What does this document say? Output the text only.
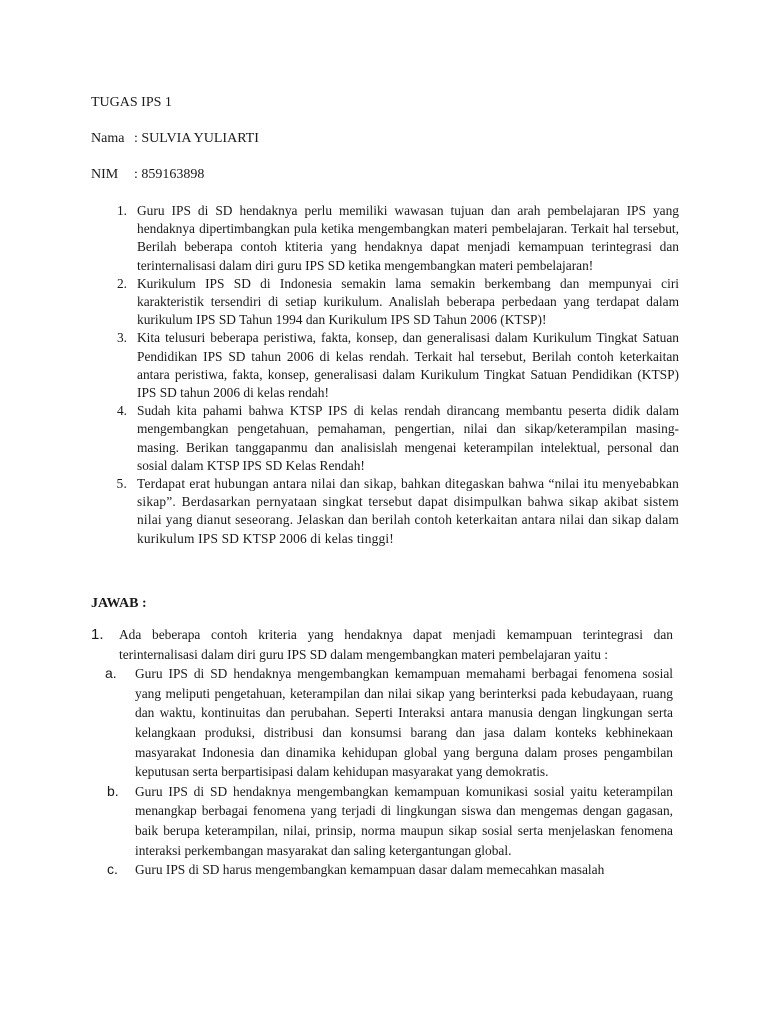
TUGAS IPS 1
Nama : SULVIA YULIARTI
NIM	: 859163898
1. Guru IPS di SD hendaknya perlu memiliki wawasan tujuan dan arah pembelajaran IPS yang hendaknya dipertimbangkan pula ketika mengembangkan materi pembelajaran. Terkait hal tersebut, Berilah beberapa contoh ktiteria yang hendaknya dapat menjadi kemampuan terintegrasi dan terinternalisasi dalam diri guru IPS SD ketika mengembangkan materi pembelajaran!
2. Kurikulum IPS SD di Indonesia semakin lama semakin berkembang dan mempunyai ciri karakteristik tersendiri di setiap kurikulum. Analislah beberapa perbedaan yang terdapat dalam kurikulum IPS SD Tahun 1994 dan Kurikulum IPS SD Tahun 2006 (KTSP)!
3. Kita telusuri beberapa peristiwa, fakta, konsep, dan generalisasi dalam Kurikulum Tingkat Satuan Pendidikan IPS SD tahun 2006 di kelas rendah. Terkait hal tersebut, Berilah contoh keterkaitan antara peristiwa, fakta, konsep, generalisasi dalam Kurikulum Tingkat Satuan Pendidikan (KTSP) IPS SD tahun 2006 di kelas rendah!
4. Sudah kita pahami bahwa KTSP IPS di kelas rendah dirancang membantu peserta didik dalam mengembangkan pengetahuan, pemahaman, pengertian, nilai dan sikap/keterampilan masing-masing. Berikan tanggapanmu dan analisislah mengenai keterampilan intelektual, personal dan sosial dalam KTSP IPS SD Kelas Rendah!
5. Terdapat erat hubungan antara nilai dan sikap, bahkan ditegaskan bahwa “nilai itu menyebabkan sikap”. Berdasarkan pernyataan singkat tersebut dapat disimpulkan bahwa sikap akibat sistem nilai yang dianut seseorang. Jelaskan dan berilah contoh keterkaitan antara nilai dan sikap dalam kurikulum IPS SD KTSP 2006 di kelas tinggi!
JAWAB :
1.	Ada beberapa contoh kriteria yang hendaknya dapat menjadi kemampuan terintegrasi dan terinternalisasi dalam diri guru IPS SD dalam mengembangkan materi pembelajaran yaitu :
a.	Guru IPS di SD hendaknya mengembangkan kemampuan memahami berbagai fenomena sosial yang meliputi pengetahuan, keterampilan dan nilai sikap yang berinterksi pada kebudayaan, ruang dan waktu, kontinuitas dan perubahan. Seperti Interaksi antara manusia dengan lingkungan serta kelangkaan produksi, distribusi dan konsumsi barang dan jasa dalam konteks kebhinekaan masyarakat Indonesia dan dinamika kehidupan global yang berguna dalam proses pengambilan keputusan serta berpartisipasi dalam kehidupan masyarakat yang demokratis.
b.	Guru IPS di SD hendaknya mengembangkan kemampuan komunikasi sosial yaitu keterampilan menangkap berbagai fenomena yang terjadi di lingkungan siswa dan mengemas dengan gagasan, baik berupa keterampilan, nilai, prinsip, norma maupun sikap sosial serta menjelaskan fenomena interaksi perkembangan masyarakat dan saling ketergantungan global.
c.	Guru IPS di SD harus mengembangkan kemampuan dasar dalam memecahkan masalah
